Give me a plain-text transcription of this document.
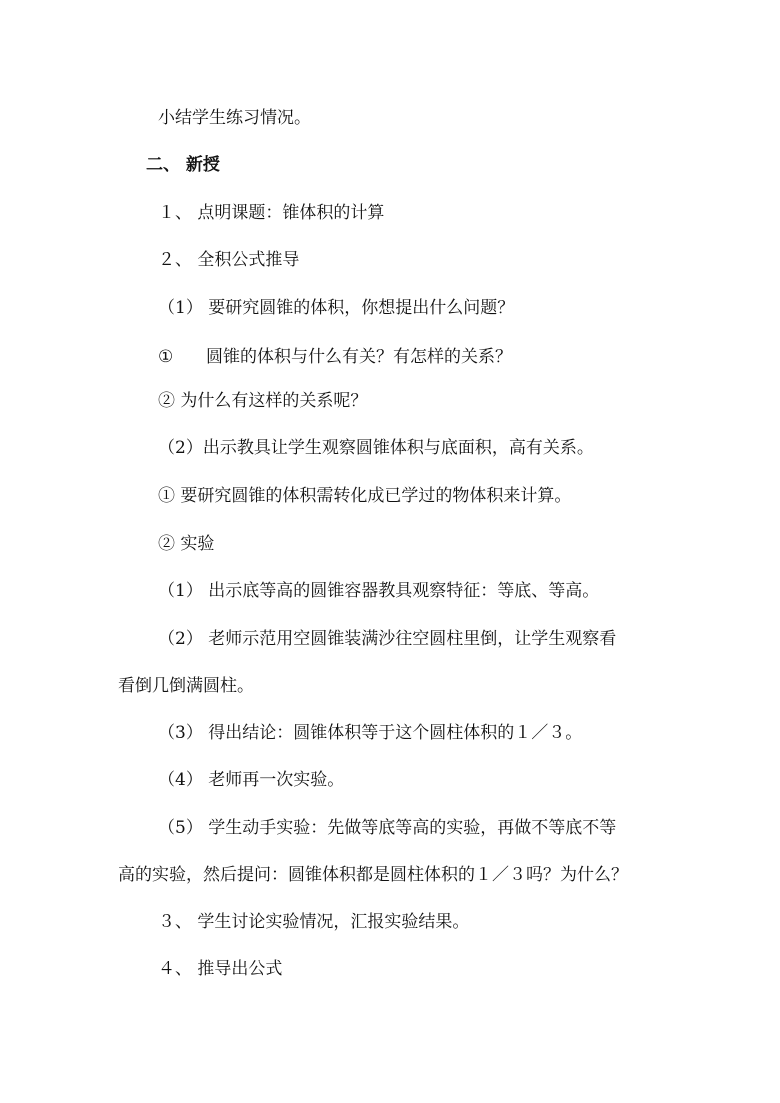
小结学生练习情况。
二、 新授
１、 点明课题：锥体积的计算
２、 全积公式推导
（1） 要研究圆锥的体积，你想提出什么问题？
① 圆锥的体积与什么有关？有怎样的关系？
② 为什么有这样的关系呢？
（2）出示教具让学生观察圆锥体积与底面积，高有关系。
① 要研究圆锥的体积需转化成已学过的物体积来计算。
② 实验
（1） 出示底等高的圆锥容器教具观察特征：等底、等高。
（2） 老师示范用空圆锥装满沙往空圆柱里倒，让学生观察看
看倒几倒满圆柱。
（3） 得出结论：圆锥体积等于这个圆柱体积的１／３。
（4） 老师再一次实验。
（5） 学生动手实验：先做等底等高的实验，再做不等底不等
高的实验，然后提问：圆锥体积都是圆柱体积的１／３吗？为什么？
３、 学生讨论实验情况，汇报实验结果。
４、 推导出公式
